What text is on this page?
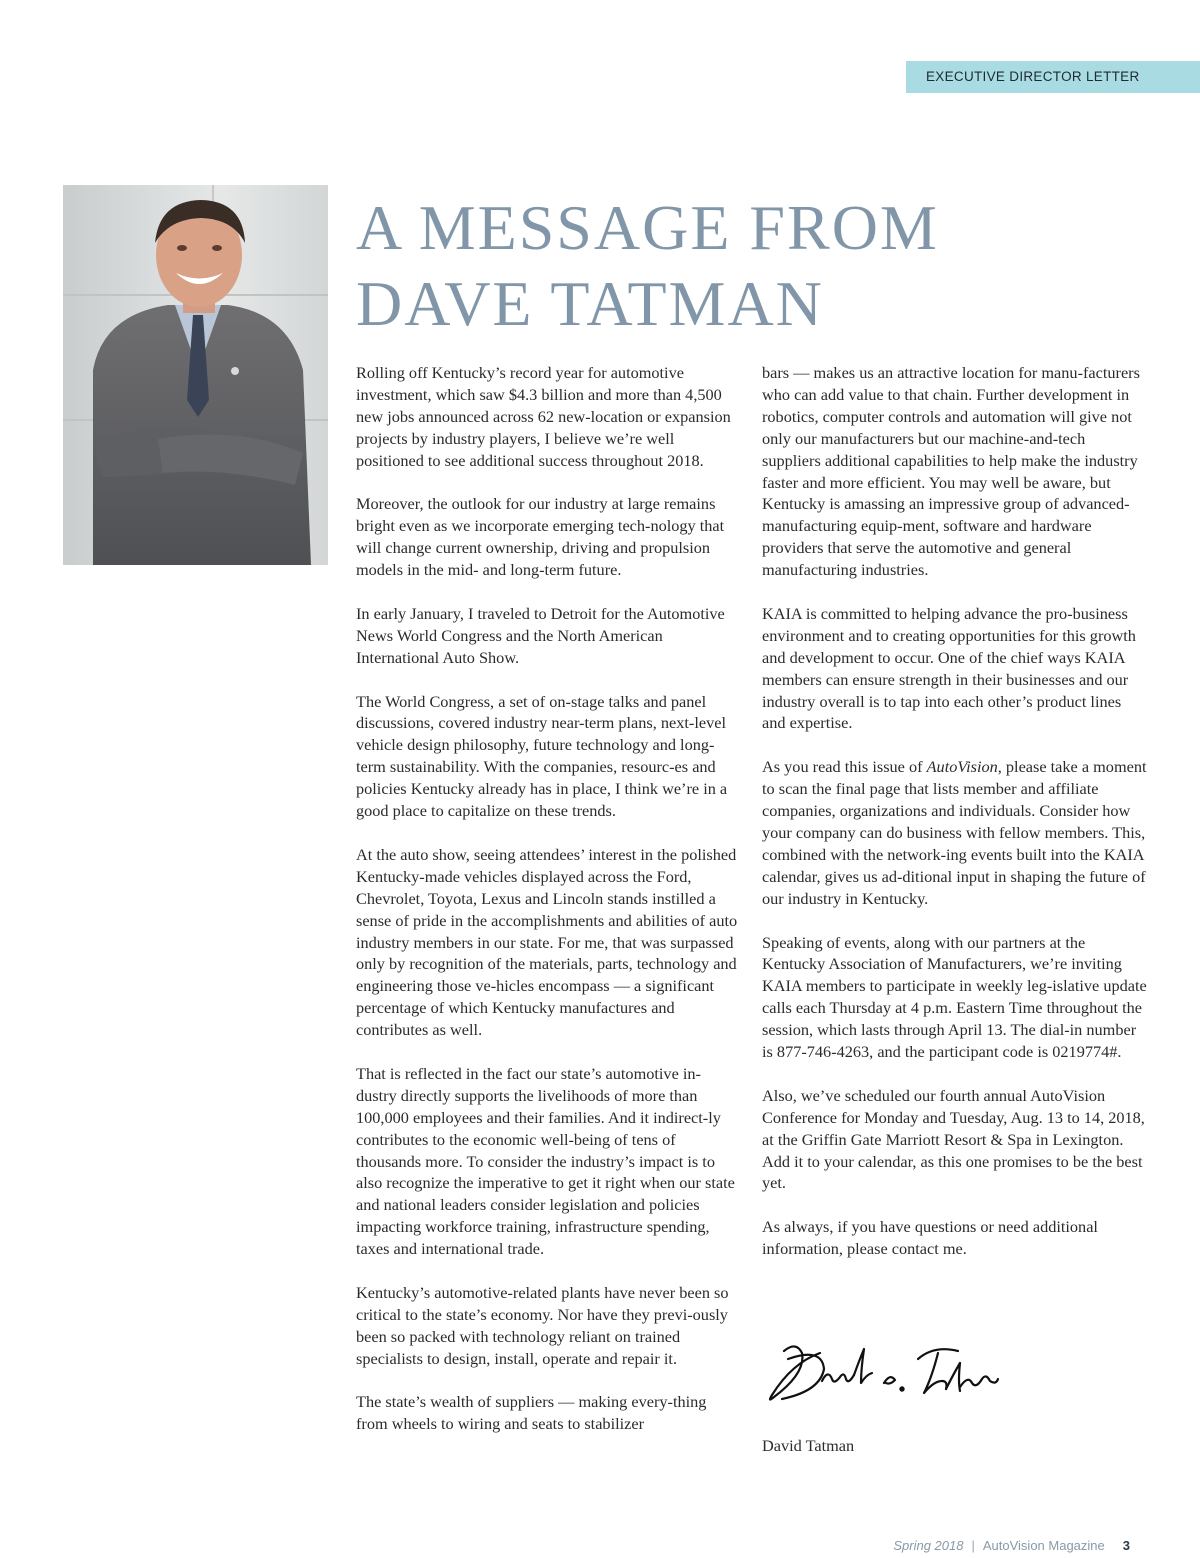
EXECUTIVE DIRECTOR LETTER
A MESSAGE FROM
DAVE TATMAN

Rolling off Kentucky’s record year for automotive investment, which saw $4.3 billion and more than 4,500 new jobs announced across 62 new-location or expansion projects by industry players, I believe we’re well positioned to see additional success throughout 2018.

Moreover, the outlook for our industry at large remains bright even as we incorporate emerging tech-nology that will change current ownership, driving and propulsion models in the mid- and long-term future.

In early January, I traveled to Detroit for the Automotive News World Congress and the North American International Auto Show.

The World Congress, a set of on-stage talks and panel discussions, covered industry near-term plans, next-level vehicle design philosophy, future technology and long-term sustainability. With the companies, resourc-es and policies Kentucky already has in place, I think we’re in a good place to capitalize on these trends.

At the auto show, seeing attendees’ interest in the polished Kentucky-made vehicles displayed across the Ford, Chevrolet, Toyota, Lexus and Lincoln stands instilled a sense of pride in the accomplishments and abilities of auto industry members in our state. For me, that was surpassed only by recognition of the materials, parts, technology and engineering those ve-hicles encompass — a significant percentage of which Kentucky manufactures and contributes as well.

That is reflected in the fact our state’s automotive in-dustry directly supports the livelihoods of more than 100,000 employees and their families. And it indirect-ly contributes to the economic well-being of tens of thousands more. To consider the industry’s impact is to also recognize the imperative to get it right when our state and national leaders consider legislation and policies impacting workforce training, infrastructure spending, taxes and international trade.

Kentucky’s automotive-related plants have never been so critical to the state’s economy. Nor have they previ-ously been so packed with technology reliant on trained specialists to design, install, operate and repair it.

The state’s wealth of suppliers — making every-thing from wheels to wiring and seats to stabilizer

bars — makes us an attractive location for manu-facturers who can add value to that chain. Further development in robotics, computer controls and automation will give not only our manufacturers but our machine-and-tech suppliers additional capabilities to help make the industry faster and more efficient. You may well be aware, but Kentucky is amassing an impressive group of advanced-manufacturing equip-ment, software and hardware providers that serve the automotive and general manufacturing industries.

KAIA is committed to helping advance the pro-business environment and to creating opportunities for this growth and development to occur. One of the chief ways KAIA members can ensure strength in their businesses and our industry overall is to tap into each other’s product lines and expertise.

As you read this issue of AutoVision, please take a moment to scan the final page that lists member and affiliate companies, organizations and individuals. Consider how your company can do business with fellow members. This, combined with the network-ing events built into the KAIA calendar, gives us ad-ditional input in shaping the future of our industry in Kentucky.

Speaking of events, along with our partners at the Kentucky Association of Manufacturers, we’re inviting KAIA members to participate in weekly leg-islative update calls each Thursday at 4 p.m. Eastern Time throughout the session, which lasts through April 13. The dial-in number is 877-746-4263, and the participant code is 0219774#.

Also, we’ve scheduled our fourth annual AutoVision Conference for Monday and Tuesday, Aug. 13 to 14, 2018, at the Griffin Gate Marriott Resort & Spa in Lexington. Add it to your calendar, as this one promises to be the best yet.

As always, if you have questions or need additional information, please contact me.

David Tatman
Spring 2018 | AutoVision Magazine 3
